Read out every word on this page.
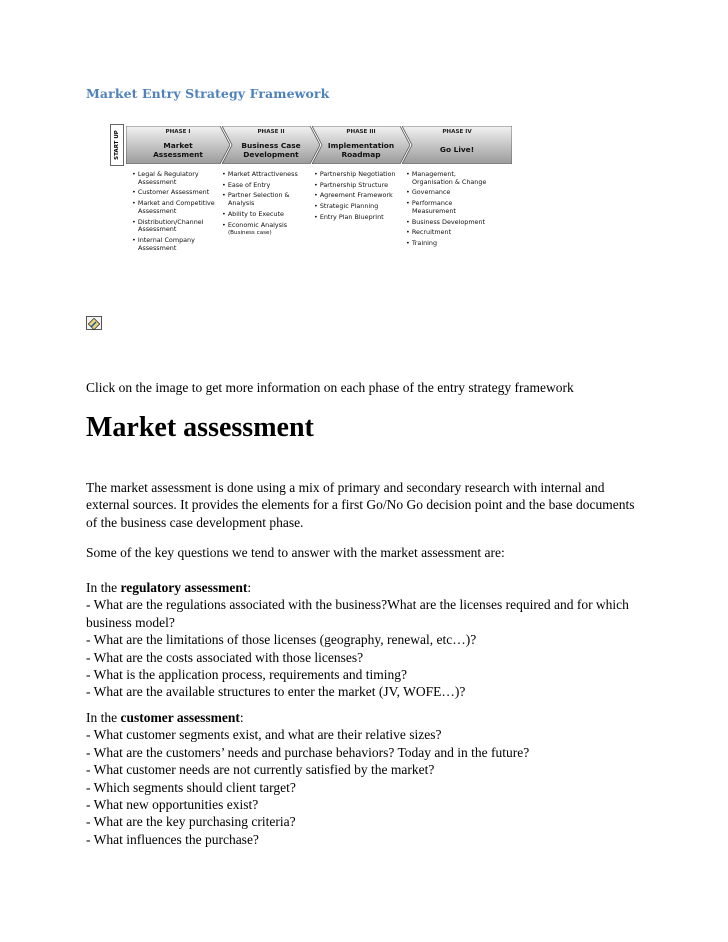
Market Entry Strategy Framework
START UP	PHASE I
Market
Assessment
PHASE II
Business Case
Development
PHASE III
Implementation
Roadmap
PHASE IV
Go Live!

• Legal & Regulatory Assessment

• Customer Assessment

• Market and Competitive Assessment

• Distribution/Channel Assessment

• Internal Company Assessment

• Market Attractiveness

• Ease of Entry

• Partner Selection & Analysis

• Ability to Execute

• Economic Analysis
(Business case)

• Partnership Negotiation

• Partnership Structure

• Agreement Framework

• Strategic Planning

• Entry Plan Blueprint

• Management, Organisation & Change

• Governance

• Performance Measurement

• Business Development

• Recruitment

• Training

Click on the image to get more information on each phase of the entry strategy framework

Market assessment

The market assessment is done using a mix of primary and secondary research with internal and external sources. It provides the elements for a first Go/No Go decision point and the base documents of the business case development phase.

Some of the key questions we tend to answer with the market assessment are:

In the regulatory assessment:

- What are the regulations associated with the business?What are the licenses required and for which business model?

- What are the limitations of those licenses (geography, renewal, etc…)?

- What are the costs associated with those licenses?

- What is the application process, requirements and timing?

- What are the available structures to enter the market (JV, WOFE…)?

In the customer assessment:

- What customer segments exist, and what are their relative sizes?

- What are the customers’ needs and purchase behaviors? Today and in the future?

- What customer needs are not currently satisfied by the market?

- Which segments should client target?

- What new opportunities exist?

- What are the key purchasing criteria?

- What influences the purchase?
